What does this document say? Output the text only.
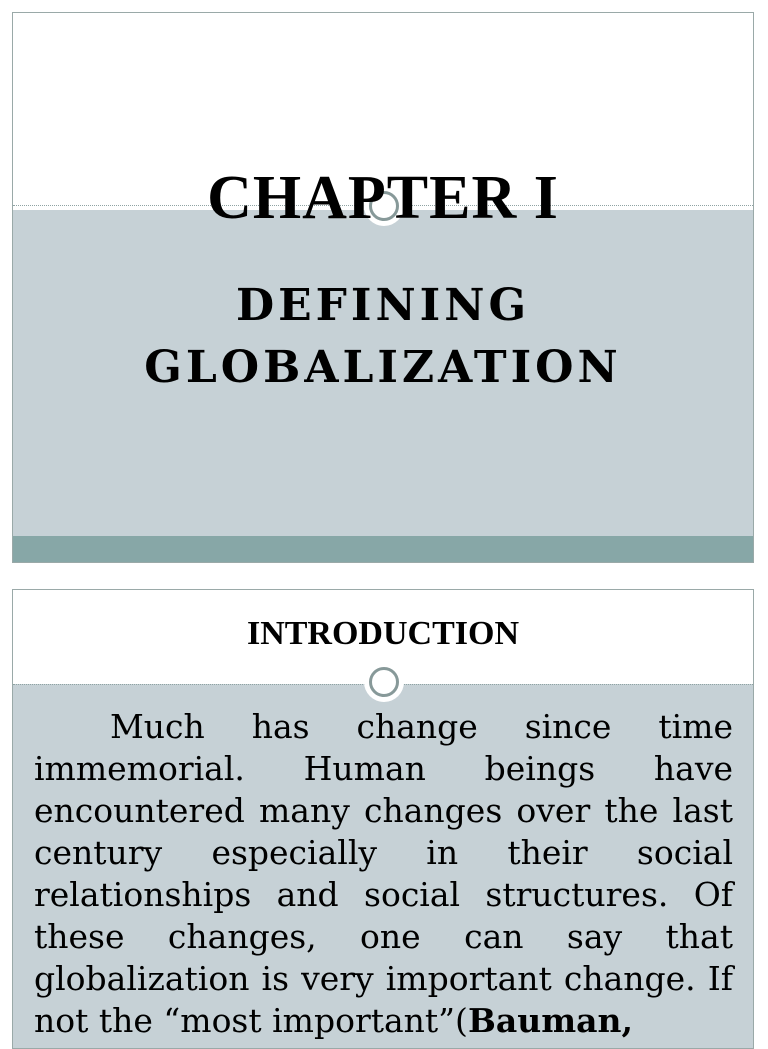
CHAPTER I
DEFINING GLOBALIZATION
INTRODUCTION
Much has change since time immemorial. Human beings have encountered many changes over the last century especially in their social relationships and social structures. Of these changes, one can say that globalization is very important change. If not the “most important”(Bauman,
